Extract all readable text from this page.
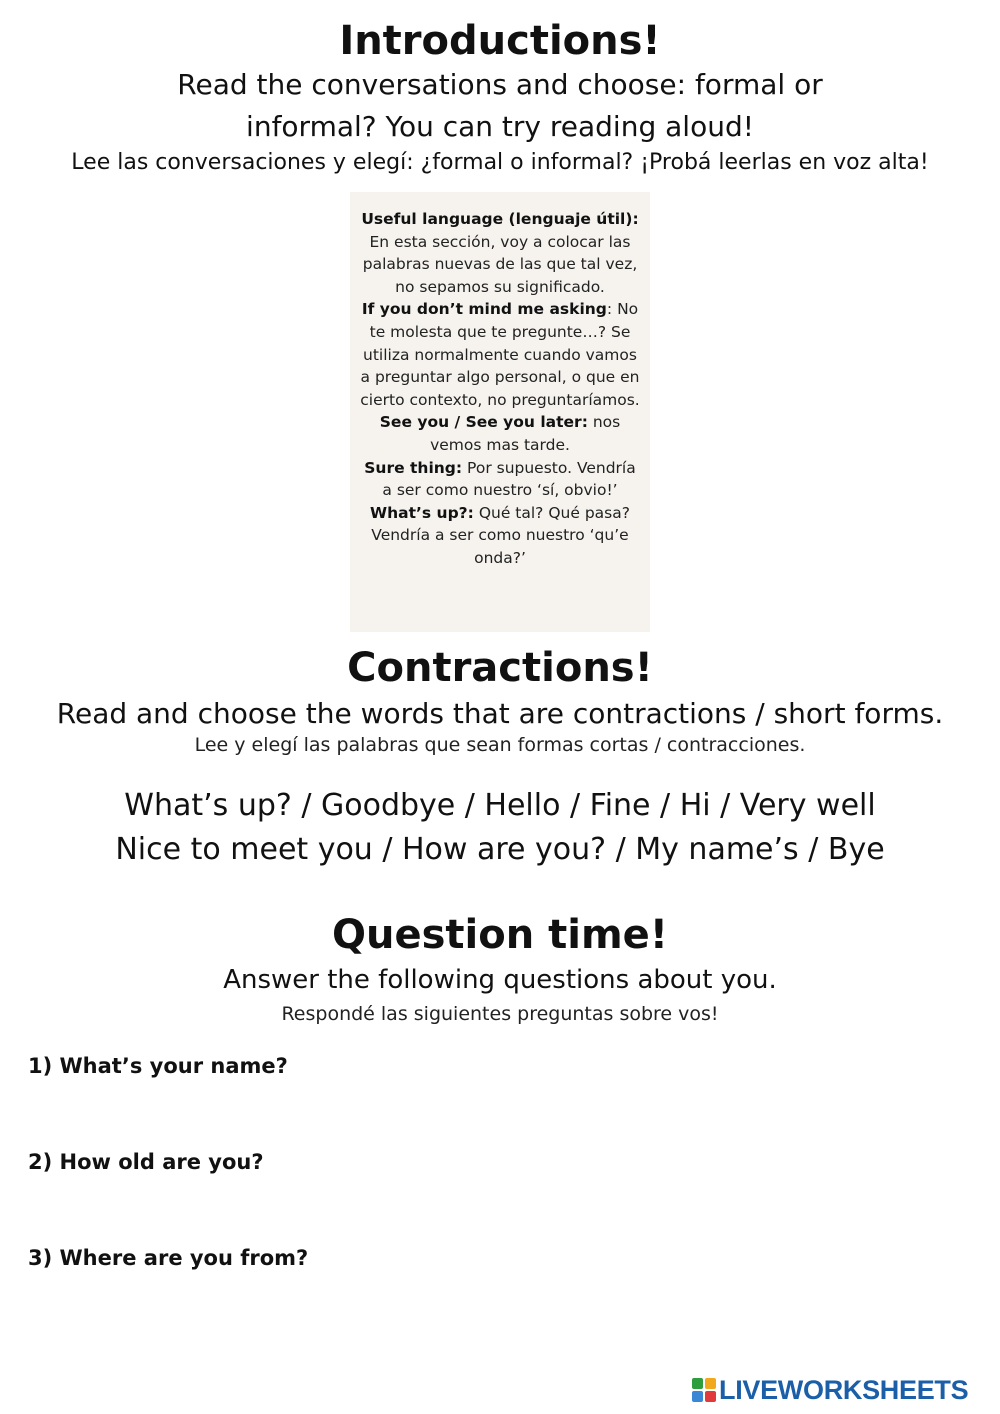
Introductions!
Read the conversations and choose: formal or informal? You can try reading aloud!
Lee las conversaciones y elegí: ¿formal o informal? ¡Probá leerlas en voz alta!
Useful language (lenguaje útil):
En esta sección, voy a colocar las palabras nuevas de las que tal vez, no sepamos su significado.
If you don’t mind me asking: No te molesta que te pregunte…? Se utiliza normalmente cuando vamos a preguntar algo personal, o que en cierto contexto, no preguntaríamos.
See you / See you later: nos vemos mas tarde.
Sure thing: Por supuesto. Vendría a ser como nuestro ‘sí, obvio!’
What’s up?: Qué tal? Qué pasa? Vendría a ser como nuestro ‘qu’e onda?’
Contractions!
Read and choose the words that are contractions / short forms.
Lee y elegí las palabras que sean formas cortas / contracciones.
What’s up? / Goodbye / Hello / Fine / Hi / Very well
Nice to meet you / How are you? / My name’s / Bye
Question time!
Answer the following questions about you.
Respondé las siguientes preguntas sobre vos!
1) What’s your name?
2) How old are you?
3) Where are you from?
LIVEWORKSHEETS
